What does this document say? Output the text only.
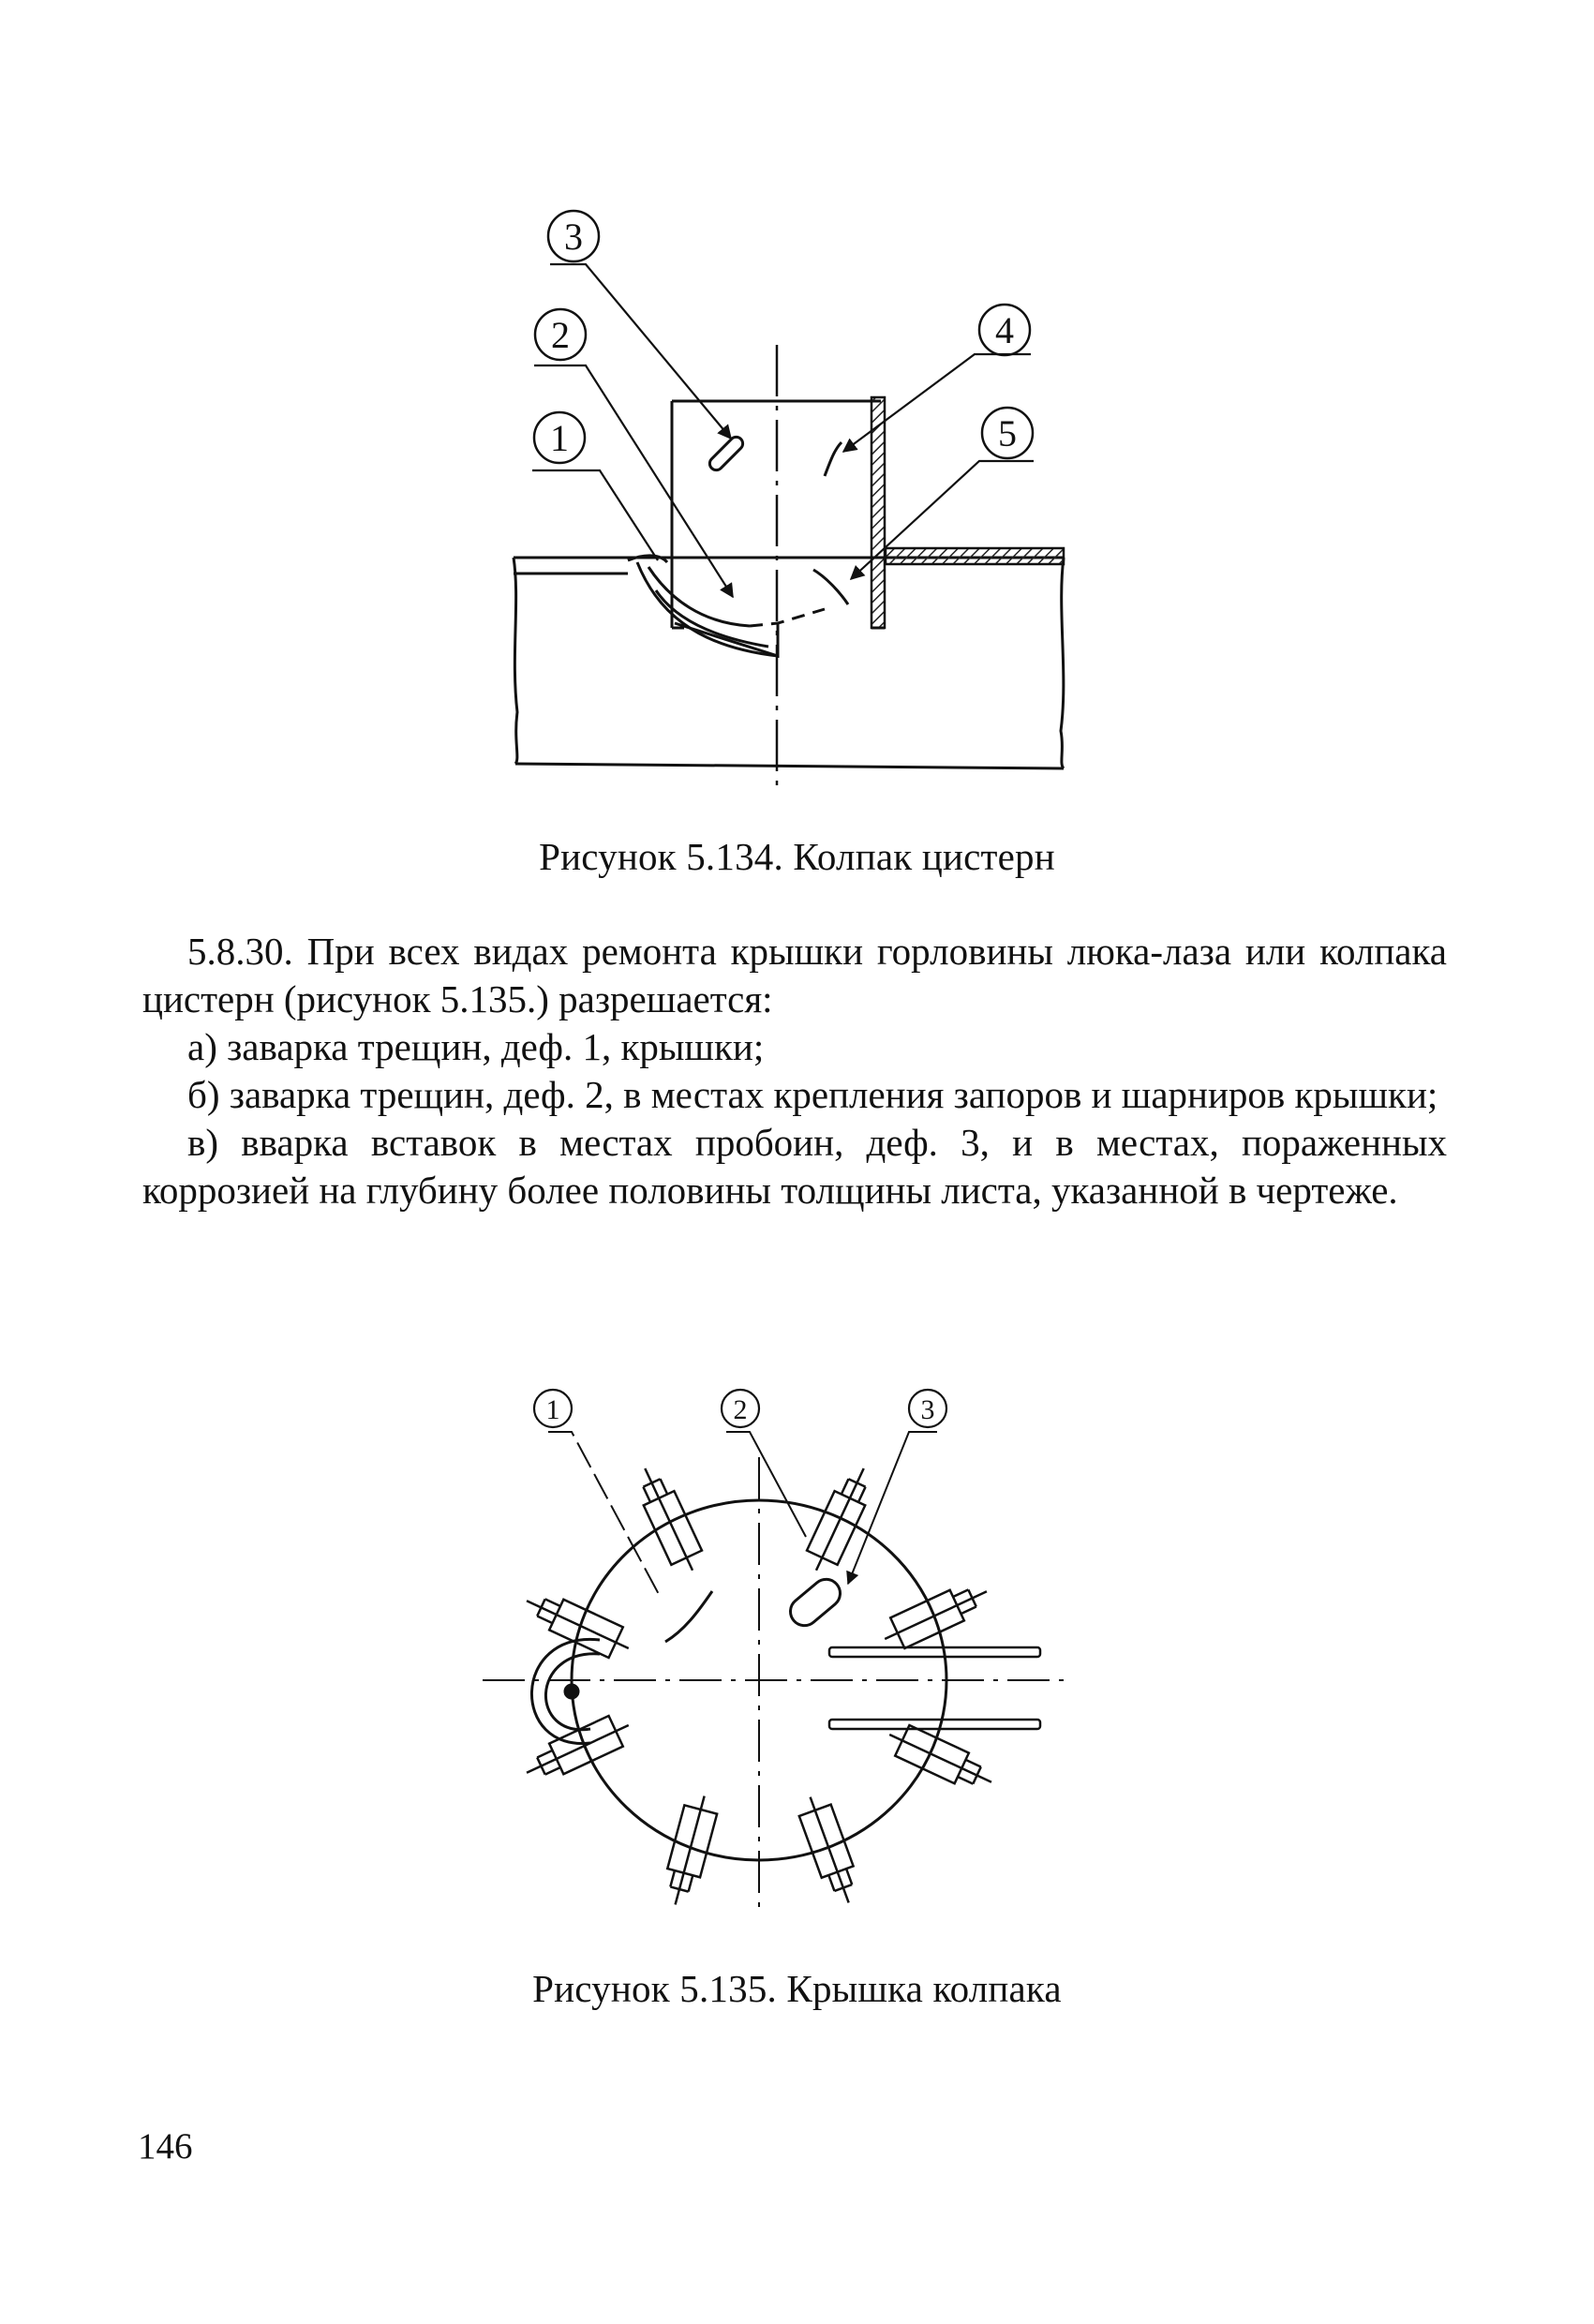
3
2
1
4
5
1	2	3
Рисунок 5.134. Колпак цистерн

5.8.30. При всех видах ремонта крышки горловины люка-лаза или колпака цистерн (рисунок 5.135.) разрешается:

а) заварка трещин, деф. 1, крышки;

б) заварка трещин, деф. 2, в местах крепления запоров и шарниров крышки;

в) вварка вставок в местах пробоин, деф. 3, и в местах, пораженных коррозией на глубину более половины толщины листа, указанной в чертеже.

Рисунок 5.135. Крышка колпака
146
